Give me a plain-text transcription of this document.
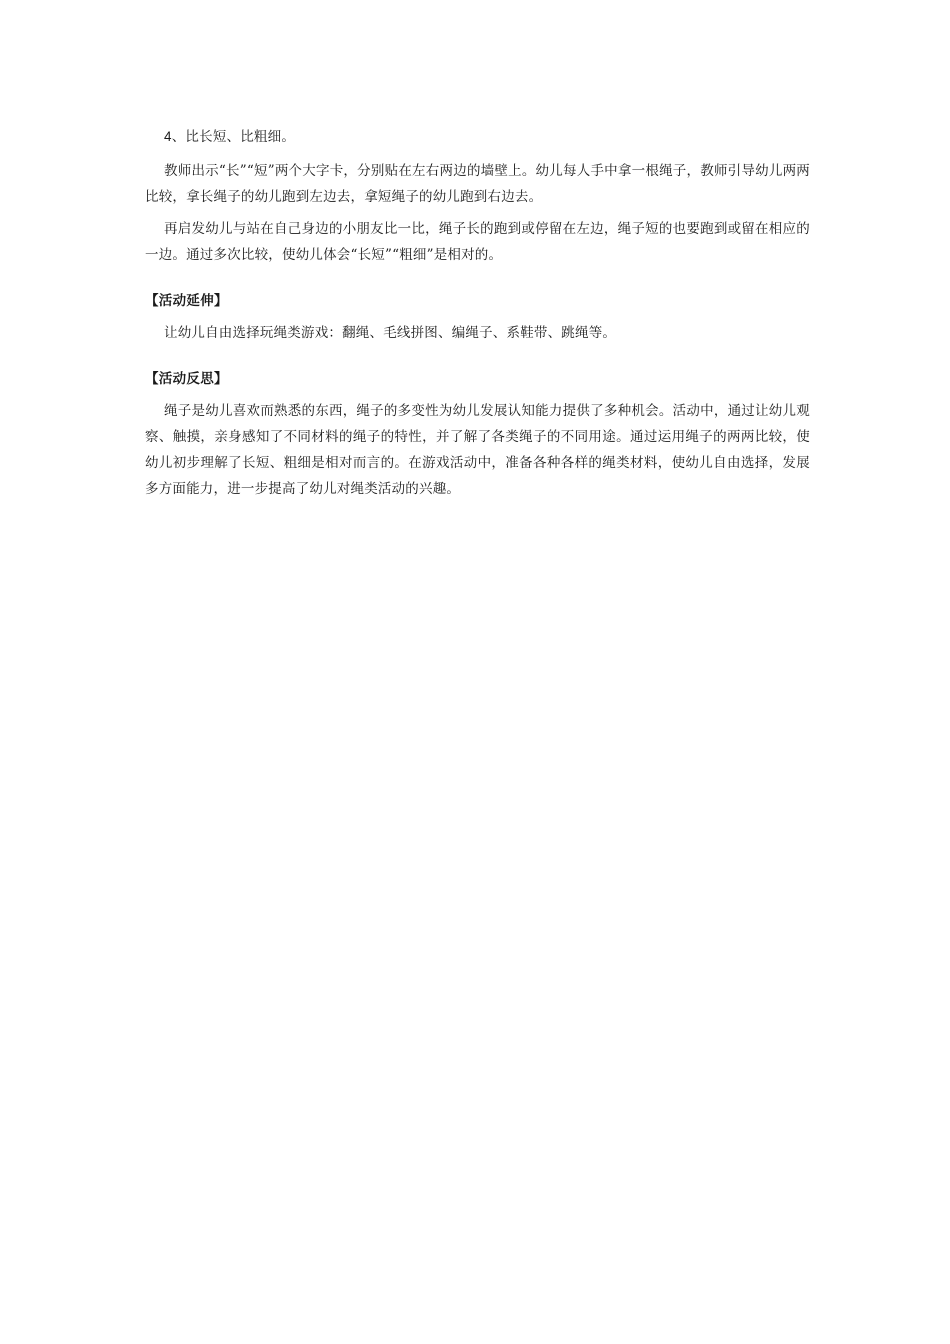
4、比长短、比粗细。

教师出示“长”“短”两个大字卡，分别贴在左右两边的墙壁上。幼儿每人手中拿一根绳子，教师引导幼儿两两比较，拿长绳子的幼儿跑到左边去，拿短绳子的幼儿跑到右边去。

再启发幼儿与站在自己身边的小朋友比一比，绳子长的跑到或停留在左边，绳子短的也要跑到或留在相应的一边。通过多次比较，使幼儿体会“长短”“粗细”是相对的。

【活动延伸】

让幼儿自由选择玩绳类游戏：翻绳、毛线拼图、编绳子、系鞋带、跳绳等。

【活动反思】

绳子是幼儿喜欢而熟悉的东西，绳子的多变性为幼儿发展认知能力提供了多种机会。活动中，通过让幼儿观察、触摸，亲身感知了不同材料的绳子的特性，并了解了各类绳子的不同用途。通过运用绳子的两两比较，使幼儿初步理解了长短、粗细是相对而言的。在游戏活动中，准备各种各样的绳类材料，使幼儿自由选择，发展多方面能力，进一步提高了幼儿对绳类活动的兴趣。
